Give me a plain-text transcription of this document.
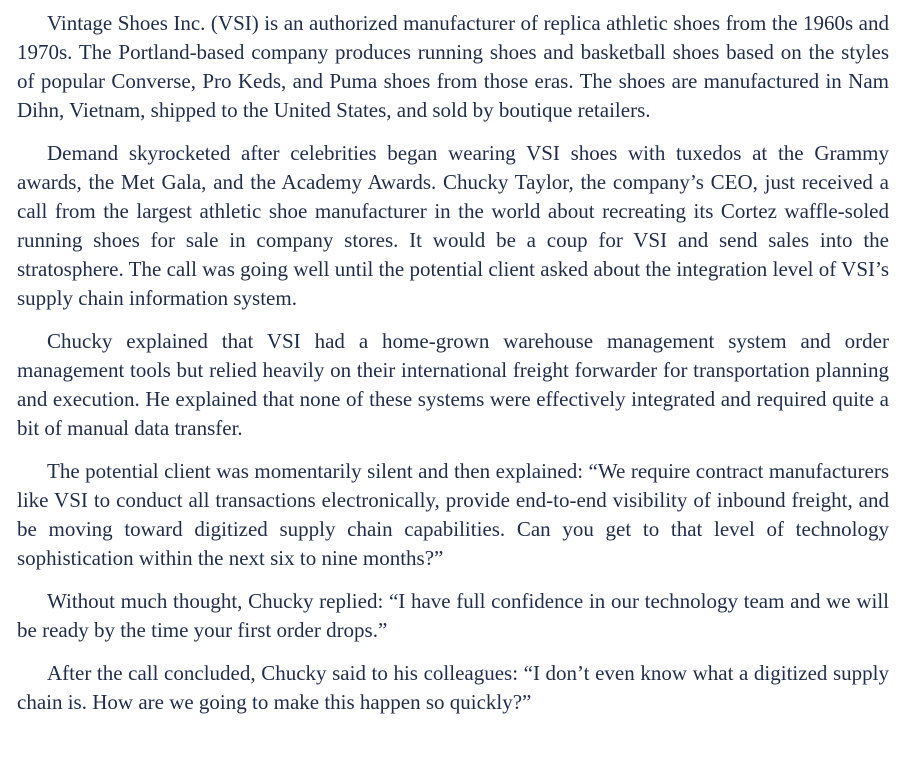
Vintage Shoes Inc. (VSI) is an authorized manufacturer of replica athletic shoes from the 1960s and 1970s. The Portland-based company produces running shoes and basketball shoes based on the styles of popular Converse, Pro Keds, and Puma shoes from those eras. The shoes are manufactured in Nam Dihn, Vietnam, shipped to the United States, and sold by boutique retailers.

Demand skyrocketed after celebrities began wearing VSI shoes with tuxedos at the Grammy awards, the Met Gala, and the Academy Awards. Chucky Taylor, the company’s CEO, just received a call from the largest athletic shoe manufacturer in the world about recreating its Cortez waffle-soled running shoes for sale in company stores. It would be a coup for VSI and send sales into the stratosphere. The call was going well until the potential client asked about the integration level of VSI’s supply chain information system.

Chucky explained that VSI had a home-grown warehouse management system and order management tools but relied heavily on their international freight forwarder for transportation planning and execution. He explained that none of these systems were effectively integrated and required quite a bit of manual data transfer.

The potential client was momentarily silent and then explained: “We require contract manufacturers like VSI to conduct all transactions electronically, provide end-to-end visibility of inbound freight, and be moving toward digitized supply chain capabilities. Can you get to that level of technology sophistication within the next six to nine months?”

Without much thought, Chucky replied: “I have full confidence in our technology team and we will be ready by the time your first order drops.”

After the call concluded, Chucky said to his colleagues: “I don’t even know what a digitized supply chain is. How are we going to make this happen so quickly?”
